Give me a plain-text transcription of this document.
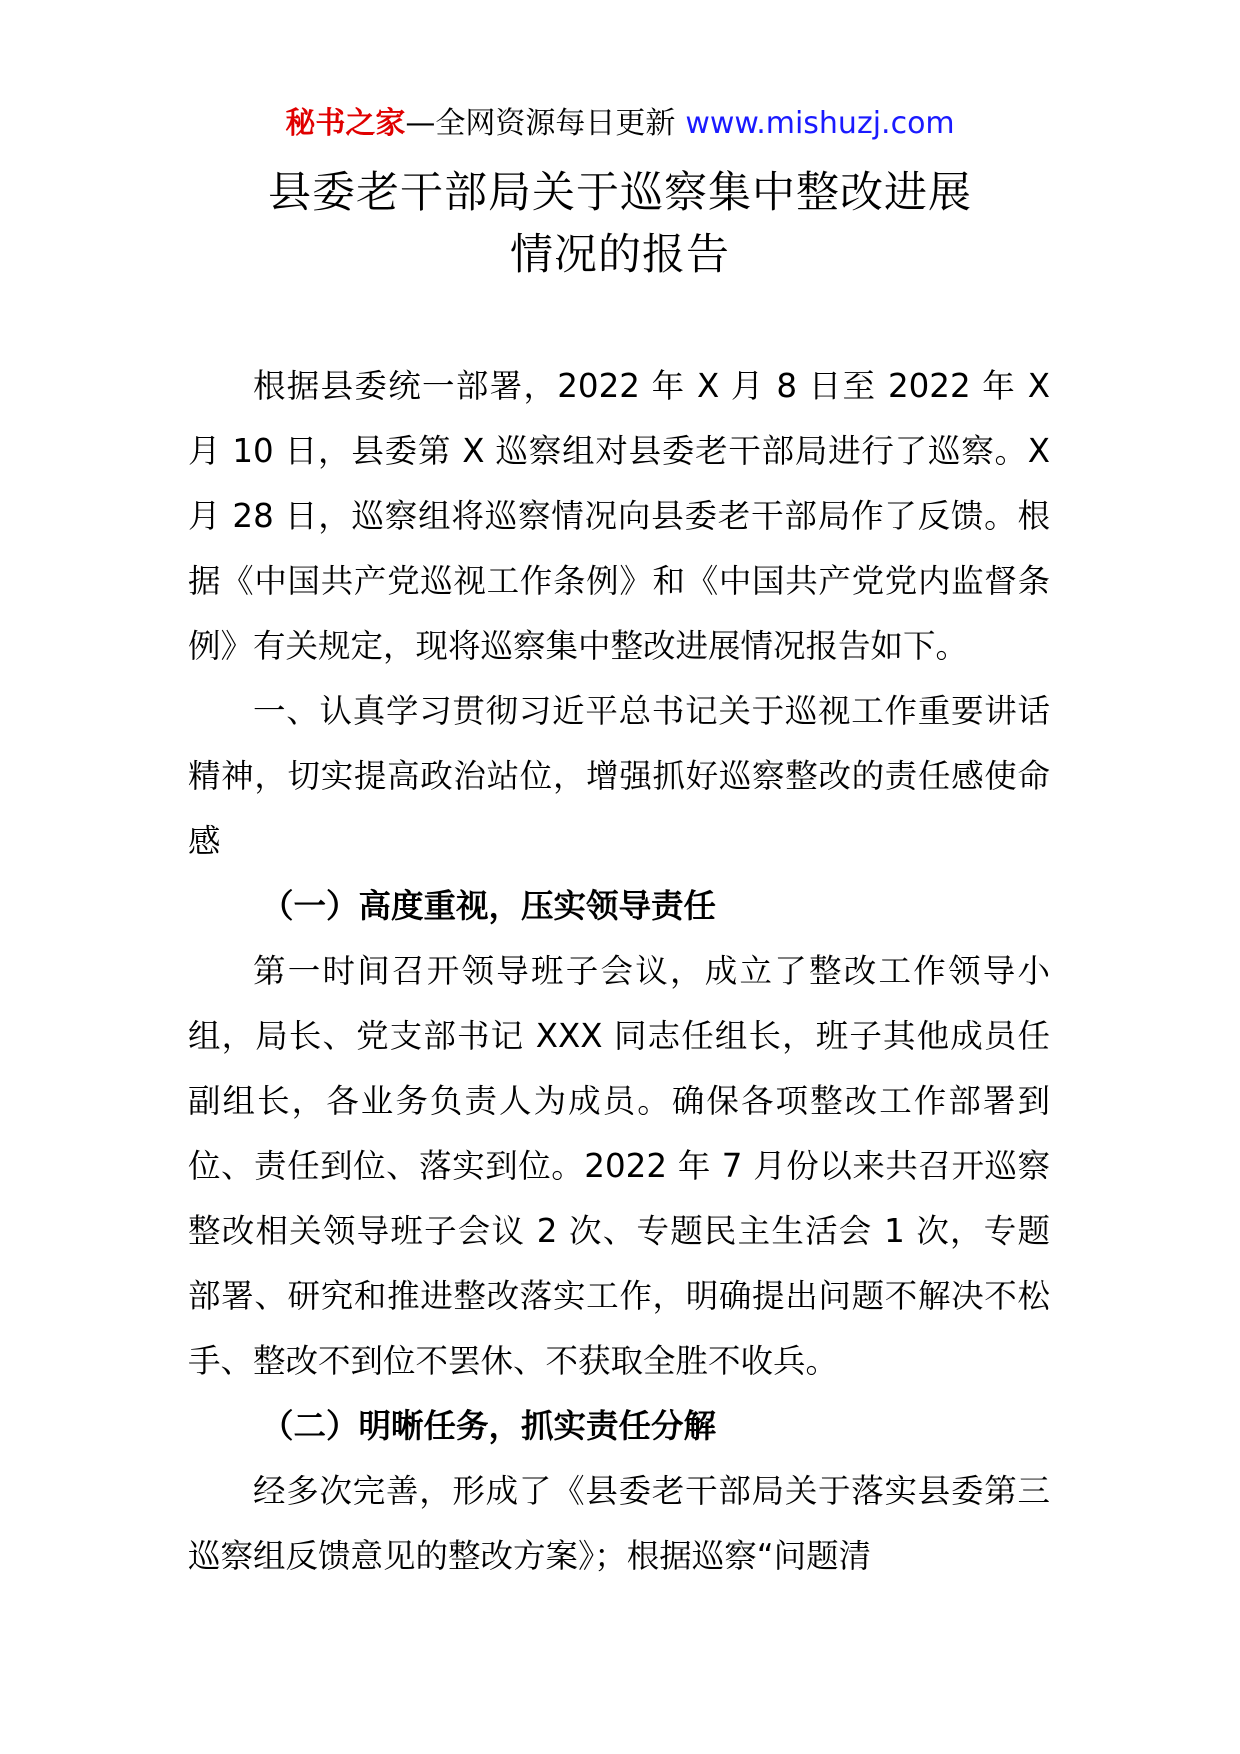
秘书之家—全网资源每日更新 www.mishuzj.com
县委老干部局关于巡察集中整改进展
情况的报告

根据县委统一部署，2022 年 X 月 8 日至 2022 年 X 月 10 日，县委第 X 巡察组对县委老干部局进行了巡察。X 月 28 日，巡察组将巡察情况向县委老干部局作了反馈。根据《中国共产党巡视工作条例》和《中国共产党党内监督条例》有关规定，现将巡察集中整改进展情况报告如下。

一、认真学习贯彻习近平总书记关于巡视工作重要讲话精神，切实提高政治站位，增强抓好巡察整改的责任感使命感

（一）高度重视，压实领导责任

第一时间召开领导班子会议，成立了整改工作领导小组，局长、党支部书记 XXX 同志任组长，班子其他成员任副组长，各业务负责人为成员。确保各项整改工作部署到位、责任到位、落实到位。2022 年 7 月份以来共召开巡察整改相关领导班子会议 2 次、专题民主生活会 1 次，专题部署、研究和推进整改落实工作，明确提出问题不解决不松手、整改不到位不罢休、不获取全胜不收兵。

（二）明晰任务，抓实责任分解

经多次完善，形成了《县委老干部局关于落实县委第三巡察组反馈意见的整改方案》；根据巡察“问题清
